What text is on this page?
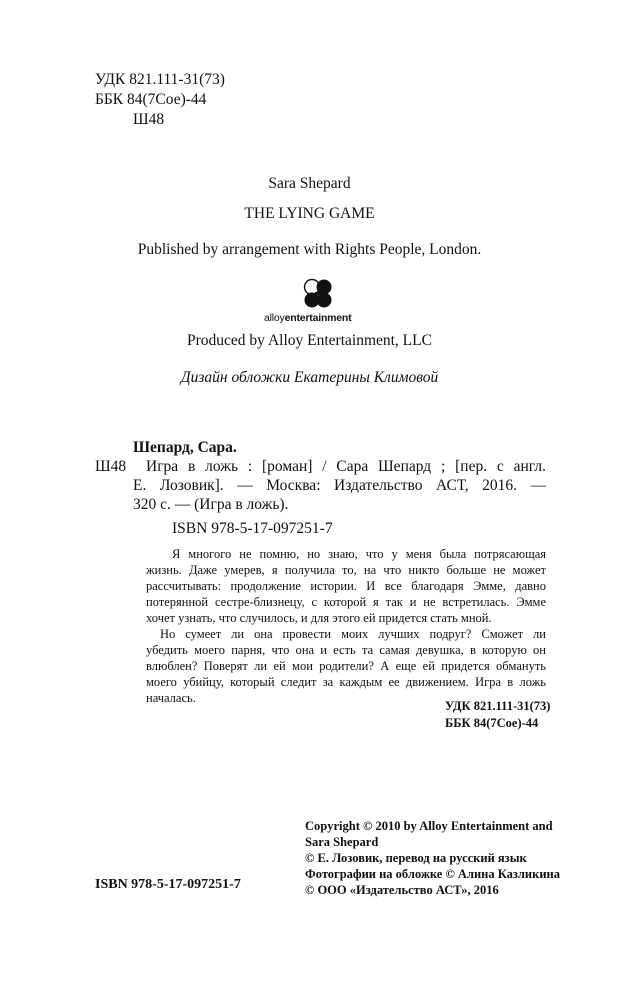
УДК 821.111-31(73)
ББК 84(7Сое)-44
Ш48
Sara Shepard
THE LYING GAME
Published by arrangement with Rights People, London.
alloyentertainment
Produced by Alloy Entertainment, LLC
Дизайн обложки Екатерины Климовой
Шепард, Сара.
Ш48 Игра в ложь : [роман] / Сара Шепард ; [пер. с англ.
Е. Лозовик]. — Москва: Издательство АСТ, 2016. —
320 с. — (Игра в ложь).
ISBN 978-5-17-097251-7
Я многого не помню, но знаю, что у меня была потрясающая
жизнь. Даже умерев, я получила то, на что никто больше не может
рассчитывать: продолжение истории. И все благодаря Эмме, давно
потерянной сестре-близнецу, с которой я так и не встретилась. Эмме
хочет узнать, что случилось, и для этого ей придется стать мной.
Но сумеет ли она провести моих лучших подруг? Сможет ли
убедить моего парня, что она и есть та самая девушка, в которую он
влюблен? Поверят ли ей мои родители? А еще ей придется обмануть
моего убийцу, который следит за каждым ее движением. Игра в ложь
началась.
УДК 821.111-31(73)
ББК 84(7Сое)-44
Copyright © 2010 by Alloy Entertainment and
Sara Shepard
© Е. Лозовик, перевод на русский язык
Фотографии на обложке © Алина Казликина
© ООО «Издательство АСТ», 2016
ISBN 978-5-17-097251-7
